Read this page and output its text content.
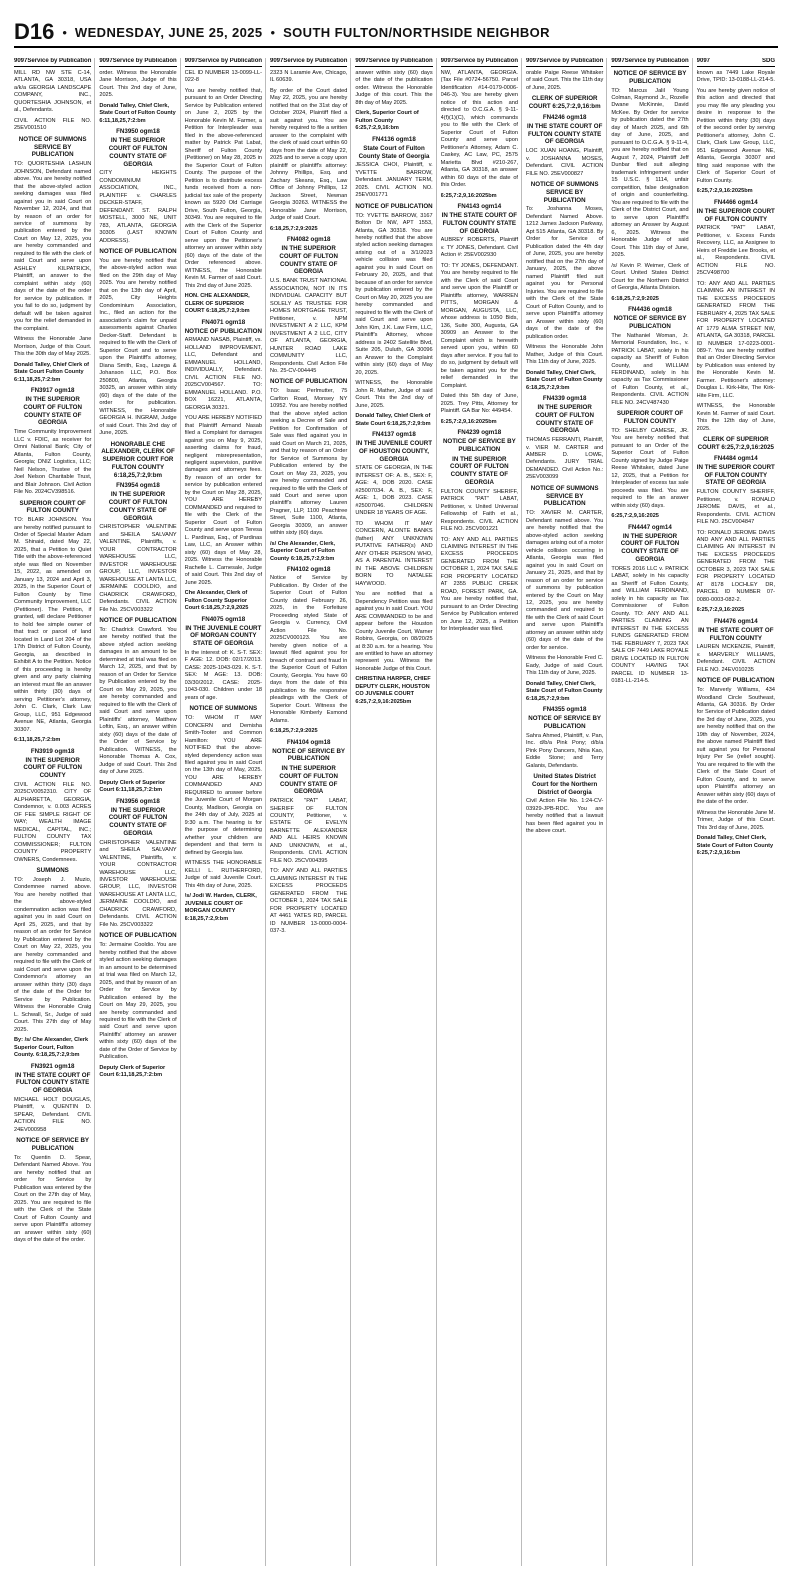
D16 • WEDNESDAY, JUNE 25, 2025 • SOUTH FULTON/NORTHSIDE NEIGHBOR
9097 Service by Publication
MILL RD NW STE C-14, ATLANTA, GA 30318, USA a/k/a GEORGIA LANDSCAPE COMPANY, INC., QUORTESHIA JOHNSON, et al., Defendants.
CIVIL ACTION FILE NO. 25EV001510
NOTICE OF SUMMONS SERVICE BY PUBLICATION
TO: QUORTESHIA LASHUN JOHNSON, Defendant named above. You are hereby notified that the above-styled action seeking damages was filed against you in said Court on November 12, 2024, and that by reason of an order for service of summons by publication entered by the Court on May 12, 2025, you are hereby commanded and required to file with the clerk of said Court and serve upon ASHLEY KILPATRICK, Plaintiff, an answer to the complaint within sixty (60) days of the date of the order for service by publication. If you fail to do so, judgment by default will be taken against you for the relief demanded in the complaint.
Witness the Honorable Jane Morrison, Judge of this Court. This the 30th day of May 2025.
Donald Talley, Chief Clerk of State Court Fulton County 6:11,18,25,7:2:bm
FN3917 ogm18
IN THE SUPERIOR COURT OF FULTON COUNTY STATE OF GEORGIA
Time Community Improvement LLC v. FDIC, as receiver for Omni National Bank; City of Atlanta, Fulton County, Georgia; DNIZ Logistics, LLC; Neil Nelson, Trustee of the Joel Nelson Charitable Trust, and Blair Johnson. Civil Action File No. 2024CV398516.
SUPERIOR COURT OF FULTON COUNTY
TO: BLAIR JOHNSON. You are hereby notified pursuant to Order of Special Master Adam M. Shinaid, dated May 22, 2025, that a Petition to Quiet Title with the above-referenced style was filed on November 15, 2022, as amended on January 13, 2024 and April 3, 2025, in the Superior Court of Fulton County by Time Community Improvement, LLC (Petitioner). The Petition, if granted, will declare Petitioner to hold fee simple owner of that tract or parcel of land located in Land Lot 204 of the 17th District of Fulton County, Georgia, as described in Exhibit A to the Petition. Notice of this proceeding is hereby given and any party claiming an interest must file an answer within thirty (30) days of serving Petitioner's attorney, John C. Clark, Clark Law Group, LLC, 951 Edgewood Avenue NE, Atlanta, Georgia 30307.
6:11,18,25,7:2:bm
FN3919 ogm18
IN THE SUPERIOR COURT OF FULTON COUNTY
CIVIL ACTION FILE NO. 2025CV0052310. CITY OF ALPHARETTA, GEORGIA, Condemnor, v. 0.003 ACRES OF FEE SIMPLE RIGHT OF WAY; WEALTH IMAGE MEDICAL, CAPITAL, INC.; FULTON COUNTY TAX COMMISSIONER; FULTON COUNTY PROPERTY OWNERS, Condemnees.
SUMMONS
TO: Joseph J. Muzio, Condemnee named above. You are hereby notified that the above-styled condemnation action was filed against you in said Court on April 25, 2025, and that by reason of an order for Service by Publication entered by the Court on May 22, 2025, you are hereby commanded and required to file with the Clerk of said Court and serve upon the Condemnor's attorney an answer within thirty (30) days of the date of the Order for Service by Publication. Witness the Honorable Craig L. Schwall, Sr., Judge of said Court. This 27th day of May 2025.
By: /s/ Che Alexander, Clerk Superior Court, Fulton County. 6:18,25,7:2,9:bm
FN3921 ogm18
IN THE STATE COURT OF FULTON COUNTY STATE OF GEORGIA
MICHAEL HOLT DOUGLAS, Plaintiff, v. QUENTIN D. SPEAR, Defendant. CIVIL ACTION FILE NO. 24EV000958
NOTICE OF SERVICE BY PUBLICATION
To: Quentin D. Spear, Defendant Named Above. You are hereby notified that an order for Service by Publication was entered by the Court on the 27th day of May, 2025. You are required to file with the Clerk of the State Court of Fulton County and serve upon Plaintiff's attorney an answer within sixty (60) days of the date of the order.
9097 Service by Publication
order. Witness the Honorable Jane Morrison, Judge of this Court. This 2nd day of June, 2025.
Donald Talley, Chief Clerk, State Court of Fulton County 6:11,18,25,7:2:bm
FN3950 ogm18
IN THE SUPERIOR COURT OF FULTON COUNTY STATE OF GEORGIA
CITY HEIGHTS CONDOMINIUM ASSOCIATION, INC., PLAINTIFF v. CHARLES DECKER-STAFF, DEFENDANT. ST. RALPH MOSTELL, 3000 NE, UNIT 783, ATLANTA, GEORGIA 30305 (LAST KNOWN ADDRESS).
NOTICE OF PUBLICATION
You are hereby notified that the above-styled action was filed on the 29th day of May 2025. You are hereby notified that on the 13th day of April, 2025, City Heights Condominium Association, Inc., filed an action for the association's claim for unpaid assessments against Charles Decker-Staff. Defendant is required to file with the Clerk of Superior Court and to serve upon the Plaintiff's attorney, Diana Smith, Esq., Lazega & Johanson LLC, P.O. Box 250800, Atlanta, Georgia 30325, an answer within sixty (60) days of the date of the order for publication. WITNESS, the Honorable GEORGIA H. INGRAM, Judge of said Court. This 2nd day of June, 2025.
HONORABLE CHE ALEXANDER, CLERK OF SUPERIOR COURT FOR FULTON COUNTY 6:18,25,7:2,9:bm
FN3954 ogm18
IN THE SUPERIOR COURT OF FULTON COUNTY STATE OF GEORGIA
CHRISTOPHER VALENTINE and SHEILA SALVANY VALENTINE, Plaintiffs, v. YOUR CONTRACTOR WAREHOUSE LLC, INVESTOR WAREHOUSE GROUP, LLC, INVESTOR WAREHOUSE AT LANTA LLC, JERMAINE COOLDIO, and CHADRICK CRAWFORD, Defendants. CIVIL ACTION File No. 25CV003322
NOTICE OF PUBLICATION
To: Chadrick Crawford. You are hereby notified that the above styled action seeking damages in an amount to be determined at trial was filed on March 12, 2025, and that by reason of an Order for Service by Publication entered by the Court on May 29, 2025, you are hereby commanded and required to file with the Clerk of said Court and serve upon Plaintiffs' attorney, Matthew Loftin, Esq., an answer within sixty (60) days of the date of the Order of Service by Publication. WITNESS, the Honorable Thomas A. Cox, Judge of said Court. This 2nd day of June 2025.
Deputy Clerk of Superior Court 6:11,18,25,7:2:bm
FN3956 ogm18
IN THE SUPERIOR COURT OF FULTON COUNTY STATE OF GEORGIA
CHRISTOPHER VALENTINE and SHEILA SALVANY VALENTINE, Plaintiffs, v. YOUR CONTRACTOR WAREHOUSE LLC, INVESTOR WAREHOUSE GROUP, LLC, INVESTOR WAREHOUSE AT LANTA LLC, JERMAINE COOLDIO, and CHADRICK CRAWFORD, Defendants. CIVIL ACTION File No. 25CV003322
NOTICE OF PUBLICATION
To: Jermaine Cooldio. You are hereby notified that the above styled action seeking damages in an amount to be determined at trial was filed on March 12, 2025, and that by reason of an Order for Service by Publication entered by the Court on May 29, 2025, you are hereby commanded and required to file with the Clerk of said Court and serve upon Plaintiffs' attorney an answer within sixty (60) days of the date of the Order of Service by Publication.
Deputy Clerk of Superior Court 6:11,18,25,7:2:bm
9097 Service by Publication
CEL ID NUMBER 13-0099-LL-022-8
You are hereby notified that, pursuant to an Order Directing Service by Publication entered on June 2, 2025 by the Honorable Kevin M. Farmer, a Petition for Interpleader was filed in the above-referenced matter by Patrick Pat Labat, Sheriff of Fulton County (Petitioner) on May 28, 2025 in the Superior Court of Fulton County. The purpose of the Petition is to distribute excess funds received from a non-judicial tax sale of the property known as 5920 Old Carriage Drive, South Fulton, Georgia, 30349. You are required to file with the Clerk of the Superior Court of Fulton County and serve upon the Petitioner's attorney an answer within sixty (60) days of the date of the Order referenced above. WITNESS, the Honorable Kevin M. Farmer of said Court. This 2nd day of June 2025.
HON. CHE ALEXANDER, CLERK OF SUPERIOR COURT 6:18,25,7:2,9:bm
FN4071 ogm18
NOTICE OF PUBLICATION
ARMAND NASAB, Plaintiff, vs. HOLLAND IMPROVEMENT, LLC, Defendant and EMMANUEL HOLLAND, INDIVIDUALLY, Defendant. CIVIL ACTION FILE NO. 2025CV004567. TO: EMMANUEL HOLLAND. P.O. BOX 16221, ATLANTA, GEORGIA 30321.
YOU ARE HEREBY NOTIFIED that Plaintiff Armand Nasab filed a Complaint for damages against you on May 9, 2025, asserting claims for fraud, negligent misrepresentation, negligent supervision, punitive damages and attorneys fees. By reason of an order for service by publication entered by the Court on May 28, 2025, YOU ARE HEREBY COMMANDED and required to file with the Clerk of the Superior Court of Fulton County and serve upon Teresa L. Pardinas, Esq., of Pardinas Law, LLC, an Answer within sixty (60) days of May 28, 2025. Witness the Honorable Rachelle L. Carnesale, Judge of said Court. This 2nd day of June 2025.
Che Alexander, Clerk of Fulton County Superior Court 6:18,25,7:2,9,2025
FN4075 ogm18
IN THE JUVENILE COURT OF MORGAN COUNTY STATE OF GEORGIA
In the interest of: K. S-T. SEX: F AGE: 12. DOB: 02/17/2013. CASE: 2025-1043-029. K. S-T. SEX: M AGE: 13. DOB: 03/30/2012. CASE: 2025-1043-030. Children under 18 years of age.
NOTICE OF SUMMONS
TO: WHOM IT MAY CONCERN and Demisha Smith-Tooter and Common Hamilton: YOU ARE NOTIFIED that the above-styled dependency action was filed against you in said Court on the 13th day of May, 2025. YOU ARE HEREBY COMMANDED AND REQUIRED to answer before the Juvenile Court of Morgan County, Madison, Georgia on the 24th day of July, 2025 at 9:30 a.m. The hearing is for the purpose of determining whether your children are dependent and that term is defined by Georgia law.
WITNESS THE HONORABLE KELLI L. RUTHERFORD, Judge of said Juvenile Court. This 4th day of June, 2025.
/s/ Jodi W. Harden, CLERK, JUVENILE COURT OF MORGAN COUNTY 6:18,25,7:2,9:bm
9097 Service by Publication
2323 N Laramie Ave, Chicago, IL 60639.
By order of the Court dated May 22, 2025, you are hereby notified that on the 31st day of October 2024, Plaintiff filed a suit against you. You are hereby required to file a written answer to the complaint with the clerk of said court within 60 days from the date of May 22, 2025 and to serve a copy upon plaintiff or plaintiff's attorney: Johnny Phillips, Esq. and Zachary Skeans, Esq., Law Office of Johnny Phillips, 12 Jackson Street, Newnan Georgia 30263. WITNESS the Honorable Jane Morrison, Judge of said Court.
6:18,25,7:2,9:2025
FN4082 ogm18
IN THE SUPERIOR COURT OF FULTON COUNTY STATE OF GEORGIA
U.S. BANK TRUST NATIONAL ASSOCIATION, NOT IN ITS INDIVIDUAL CAPACITY BUT SOLELY AS TRUSTEE FOR HOMES MORTGAGE TRUST, Petitioner, v. NPM INVESTMENT A 2 LLC, KPM INVESTMENT A 2 LLC, CITY OF ATLANTA, GEORGIA, HUNTER ROAD LAKE COMMUNITY LLC, Respondents. Civil Action File No. 25-CV-004445
NOTICE OF PUBLICATION
TO: Isaac Perlmutter, 75 Carlton Road, Monsey NY 10952. You are hereby notified that the above styled action seeking a Decree of Sale and Petition for Confirmation of Sale was filed against you in said Court on March 21, 2025, and that by reason of an Order for Service of Summons by Publication entered by the Court on May 23, 2025, you are hereby commanded and required to file with the Clerk of said Court and serve upon plaintiff's attorney Lauren Pragner, LLP, 1100 Peachtree Street, Suite 1100, Atlanta, Georgia 30309, an answer within sixty (60) days.
/s/ Che Alexander, Clerk, Superior Court of Fulton County 6:18,25,7:2,9:bm
FN4102 ogm18
Notice of Service by Publication. By Order of the Superior Court of Fulton County dated February 26, 2025, in the Forfeiture Proceeding styled State of Georgia v. Currency, Civil Action File No. 2025CV000123. You are hereby given notice of a lawsuit filed against you for breach of contract and fraud in the Superior Court of Fulton County, Georgia. You have 60 days from the date of this publication to file responsive pleadings with the Clerk of Superior Court. Witness the Honorable Kimberly Esmond Adams.
6:18,25,7:2,9:2025
FN4104 ogm18
NOTICE OF SERVICE BY PUBLICATION
IN THE SUPERIOR COURT OF FULTON COUNTY STATE OF GEORGIA
PATRICK "PAT" LABAT, SHERIFF OF FULTON COUNTY, Petitioner, v. ESTATE OF EVELYN BARNETTE ALEXANDER AND ALL HEIRS KNOWN AND UNKNOWN, et al., Respondents. CIVIL ACTION FILE NO. 25CV004395
TO: ANY AND ALL PARTIES CLAIMING INTEREST IN THE EXCESS PROCEEDS GENERATED FROM THE OCTOBER 1, 2024 TAX SALE FOR PROPERTY LOCATED AT 4461 YATES RD, PARCEL ID NUMBER 13-0000-0004-037-3.
9097 Service by Publication
answer within sixty (60) days of the date of the publication order. Witness the Honorable Judge of this court. This the 8th day of May 2025.
Clerk, Superior Court of Fulton County 6:25,7:2,9,16:bm
FN4136 ogm18
State Court of Fulton County State of Georgia
JESSICA CHOI, Plaintiff, v. YVETTE BARROW, Defendant. JANUARY TERM, 2025. CIVIL ACTION NO. 25EV001771
NOTICE OF PUBLICATION
TO: YVETTE BARROW, 3167 Bolton Dr NW, APT 1553, Atlanta, GA 30318. You are hereby notified that the above styled action seeking damages arising out of a 3/1/2023 vehicle collision was filed against you in said Court on February 20, 2025, and that because of an order for service by publication entered by the Court on May 20, 2025 you are hereby commanded and required to file with the Clerk of said Court and serve upon John Kim, J.K. Law Firm, LLC, Plaintiff's Attorney, whose address is 2402 Satellite Blvd, Suite 205, Duluth, GA 30096 an Answer to the Complaint within sixty (60) days of May 20, 2025.
WITNESS, the Honorable John R. Mather, Judge of said Court. This the 2nd day of June, 2025.
Donald Talley, Chief Clerk of State Court 6:18,25,7:2,9:bm
FN4137 ogm18
IN THE JUVENILE COURT OF HOUSTON COUNTY, GEORGIA
STATE OF GEORGIA, IN THE INTEREST OF: A. B., SEX: F, AGE: 4, DOB 2020. CASE #25007034. A. B., SEX: F, AGE: 1, DOB 2023. CASE #25007046. CHILDREN UNDER 18 YEARS OF AGE.
TO WHOM IT MAY CONCERN, ALONTE BANKS (father) ANY UNKNOWN PUTATIVE FATHER(s) AND ANY OTHER PERSON WHO, AS A PARENTAL INTEREST IN THE ABOVE CHILDREN BORN TO NATALEE HAYWOOD.
You are notified that a Dependency Petition was filed against you in said Court. YOU ARE COMMANDED to be and appear before the Houston County Juvenile Court, Warner Robins, Georgia, on 08/20/25 at 8:30 a.m. for a hearing. You are entitled to have an attorney represent you. Witness the Honorable Judge of this Court.
CHRISTINA HARPER, CHIEF DEPUTY CLERK, HOUSTON CO JUVENILE COURT 6:25,7:2,9,16:2025bm
9097 Service by Publication
NW, ATLANTA, GEORGIA. (Tax File #0724-56750. Parcel Identification #14-0179-0006-046-3). You are hereby given notice of this action and directed to O.C.G.A. § 9-11-4(f)(1)(C), which commands you to file with the Clerk of Superior Court of Fulton County and serve upon Petitioner's Attorney, Adam C. Caskey, AC Law, PC, 2575 Marietta Blvd #210-267, Atlanta, GA 30318, an answer within 60 days of the date of this Order.
6:25,7:2,9,16:2025bm
FN4143 ogm14
IN THE STATE COURT OF FULTON COUNTY STATE OF GEORGIA
AUBREY ROBERTS, Plaintiff v. TY JONES, Defendant. Civil Action #: 25EV002930
TO: TY JONES, DEFENDANT. You are hereby required to file with the Clerk of said Court and serve upon the Plaintiff or Plaintiffs attorney, WARREN PITTS, MORGAN & MORGAN, AUGUSTA, LLC, whose address is 1050 Bids, 136, Suite 300, Augusta, GA 30909 an Answer to the Complaint which is herewith served upon you, within 60 days after service. If you fail to do so, judgment by default will be taken against you for the relief demanded in the Complaint.
Dated this 5th day of June, 2025. Trey Pitts, Attorney for Plaintiff. GA Bar No: 449454.
6:25,7:2,9,16:2025bm
FN4239 ogm18
NOTICE OF SERVICE BY PUBLICATION
IN THE SUPERIOR COURT OF FULTON COUNTY STATE OF GEORGIA
FULTON COUNTY SHERIFF, PATRICK "PAT" LABAT, Petitioner, v. United Universal Fellowship of Faith et al., Respondents. CIVIL ACTION FILE NO. 25CV001221
TO: ANY AND ALL PARTIES CLAIMING INTEREST IN THE EXCESS PROCEEDS GENERATED FROM THE OCTOBER 1, 2024 TAX SALE FOR PROPERTY LOCATED AT 2355 PUBLIC CREEK ROAD, FOREST PARK, GA. You are hereby notified that, pursuant to an Order Directing Service by Publication entered on June 12, 2025, a Petition for Interpleader was filed.
9097 Service by Publication
orable Paige Reese Whitaker of said Court. This the 11th day of June, 2025.
CLERK OF SUPERIOR COURT 6:25,7:2,9,16:bm
FN4246 ogm18
IN THE STATE COURT OF FULTON COUNTY STATE OF GEORGIA
LOC XUAN HOANG, Plaintiff, v. JOSHANNA MOSES, Defendant. CIVIL ACTION FILE NO. 25EV000827
NOTICE OF SUMMONS SERVICE BY PUBLICATION
To: Joshanna Moses, Defendant Named Above. 1212 James Jackson Parkway, Apt 515 Atlanta, GA 30318. By Order for Service of Publication dated the 4th day of June, 2025, you are hereby notified that on the 27th day of January, 2025, the above named Plaintiff filed suit against you for Personal Injuries. You are required to file with the Clerk of the State Court of Fulton County, and to serve upon Plaintiff's attorney an Answer within sixty (60) days of the date of the publication order.
Witness the Honorable John Mather, Judge of this Court. This 11th day of June, 2025.
Donald Talley, Chief Clerk, State Court of Fulton County 6:18,25,7:2,9:bm
FN4339 ogm18
IN THE SUPERIOR COURT OF FULTON COUNTY STATE OF GEORGIA
THOMAS FERRANTI, Plaintiff, v. VIER M. CARTER and AMBER D. LOWE, Defendants. JURY TRIAL DEMANDED. Civil Action No.: 25EV003099
NOTICE OF SUMMONS SERVICE BY PUBLICATION
TO: XAVIER M. CARTER, Defendant named above. You are hereby notified that the above-styled action seeking damages arising out of a motor vehicle collision occurring in Atlanta, Georgia was filed against you in said Court on January 21, 2025, and that by reason of an order for service of summons by publication entered by the Court on May 12, 2025, you are hereby commanded and required to file with the Clerk of said Court and serve upon Plaintiff's attorney an answer within sixty (60) days of the date of the order for service.
Witness the Honorable Fred C. Eady, Judge of said Court. This 11th day of June, 2025.
Donald Talley, Chief Clerk, State Court of Fulton County 6:18,25,7:2,9:bm
FN4355 ogm18
NOTICE OF SERVICE BY PUBLICATION
Sahra Ahmed, Plaintiff, v. Pan, Inc. d/b/a Pink Pony; d/b/a Pink Pony Dancers, Nhia Kao, Eddie Stone; and Terry Galanis, Defendants.
United States District Court for the Northern District of Georgia
Civil Action File No. 1:24-CV-03929-JPB-RDC. You are hereby notified that a lawsuit has been filed against you in the above court.
9097 Service by Publication
NOTICE OF SERVICE BY PUBLICATION
TO: Marcus Jalil Young Colman, Raymond Jr., Rozelle Dwane McKinnie, David McKee. By Order for service by publication dated the 27th day of March 2025, and 6th day of June, 2025, and pursuant to O.C.G.A. § 9-11-4, you are hereby notified that on August 7, 2024, Plaintiff Jeff Dunbar filed suit alleging trademark infringement under 15 U.S.C. § 1114, unfair competition, false designation of origin and counterfeiting. You are required to file with the Clerk of the District Court, and to serve upon Plaintiff's attorney an Answer by August 6, 2025. Witness the Honorable Judge of said Court. This 11th day of June, 2025.
/s/ Kevin P. Weimer, Clerk of Court. United States District Court for the Northern District of Georgia, Atlanta Division.
6:18,25,7:2,9:2025
FN4436 ogm18
NOTICE OF SERVICE BY PUBLICATION
The Nathaniel Woman, Jr. Memorial Foundation, Inc., v. PATRICK LABAT, solely in his capacity as Sheriff of Fulton County, and WILLIAM FERDINAND, solely in his capacity as Tax Commissioner of Fulton County, et al., Respondents. CIVIL ACTION FILE NO. 24CV487430
SUPERIOR COURT OF FULTON COUNTY
TO: SHELBY CAMESE, JR. You are hereby notified that pursuant to an Order of the Superior Court of Fulton County signed by Judge Paige Reese Whitaker, dated June 12, 2025, that a Petition for Interpleader of excess tax sale proceeds was filed. You are required to file an answer within sixty (60) days.
6:25,7:2,9,16:2025
FN4447 ogm14
IN THE SUPERIOR COURT OF FULTON COUNTY STATE OF GEORGIA
TORES 2016 LLC v. PATRICK LABAT, solely in his capacity as Sheriff of Fulton County, and WILLIAM FERDINAND, solely in his capacity as Tax Commissioner of Fulton County. TO: ANY AND ALL PARTIES CLAIMING AN INTEREST IN THE EXCESS FUNDS GENERATED FROM THE FEBRUARY 7, 2023 TAX SALE OF 7449 LAKE ROYALE DRIVE LOCATED IN FULTON COUNTY HAVING TAX PARCEL ID NUMBER 13-0181-LL-214-5.
9097	SDG
known as 7449 Lake Royale Drive, TPID: 13-0188-LL-214-5.
You are hereby given notice of this action and directed that you may file any pleading you desire in response to the Petition within thirty (30) days of the second order by serving Petitioner's attorney, John C. Clark, Clark Law Group, LLC, 951 Edgewood Avenue NE, Atlanta, Georgia 30307 and filing said response with the Clerk of Superior Court of Fulton County.
6:25,7:2,9,16:2025bm
FN4466 ogm14
IN THE SUPERIOR COURT OF FULTON COUNTY
PATRICK "PAT" LABAT, Petitioner, v. Excess Funds Recovery, LLC, as Assignee to Heirs of Freddie Lee Brooks, et al., Respondents. CIVIL ACTION FILE NO. 25CV498700
TO: ANY AND ALL PARTIES CLAIMING AN INTEREST IN THE EXCESS PROCEEDS GENERATED FROM THE FEBRUARY 4, 2025 TAX SALE FOR PROPERTY LOCATED AT 1779 ALMA STREET NW, ATLANTA, GA 30318, PARCEL ID NUMBER 17-0223-0001-089-7. You are hereby notified that an Order Directing Service by Publication was entered by the Honorable Kevin M. Farmer. Petitioner's attorney: Douglas L. Kirk-Hite, The Kirk-Hite Firm, LLC.
WITNESS, the Honorable Kevin M. Farmer of said Court. This the 12th day of June, 2025.
CLERK OF SUPERIOR COURT 6:25,7:2,9,16:2025
FN4484 ogm14
IN THE SUPERIOR COURT OF FULTON COUNTY STATE OF GEORGIA
FULTON COUNTY SHERIFF, Petitioner, v. RONALD JEROME DAVIS, et al., Respondents. CIVIL ACTION FILE NO. 25CV004847
TO: RONALD JEROME DAVIS AND ANY AND ALL PARTIES CLAIMING AN INTEREST IN THE EXCESS PROCEEDS GENERATED FROM THE OCTOBER 3, 2023 TAX SALE FOR PROPERTY LOCATED AT 8178 LOCHLEY DR, PARCEL ID NUMBER 07-0080-0003-082-2.
6:25,7:2,9,16:2025
FN4476 ogm14
IN THE STATE COURT OF FULTON COUNTY
LAUREN MCKENZIE, Plaintiff, v. MARVERLY WILLIAMS, Defendant. CIVIL ACTION FILE NO. 24EV010235
NOTICE OF PUBLICATION
To: Marverly Williams, 434 Woodland Circle Southeast, Atlanta, GA 30316. By Order for Service of Publication dated the 3rd day of June, 2025, you are hereby notified that on the 19th day of November, 2024, the above named Plaintiff filed suit against you for Personal Injury Per Se (relief sought). You are required to file with the Clerk of the State Court of Fulton County, and to serve upon Plaintiff's attorney an Answer within sixty (60) days of the date of the order.
Witness the Honorable Jane M. Trimer, Judge of this Court. This 3rd day of June, 2025.
Donald Talley, Chief Clerk, State Court of Fulton County 6:25,7:2,9,16:bm
